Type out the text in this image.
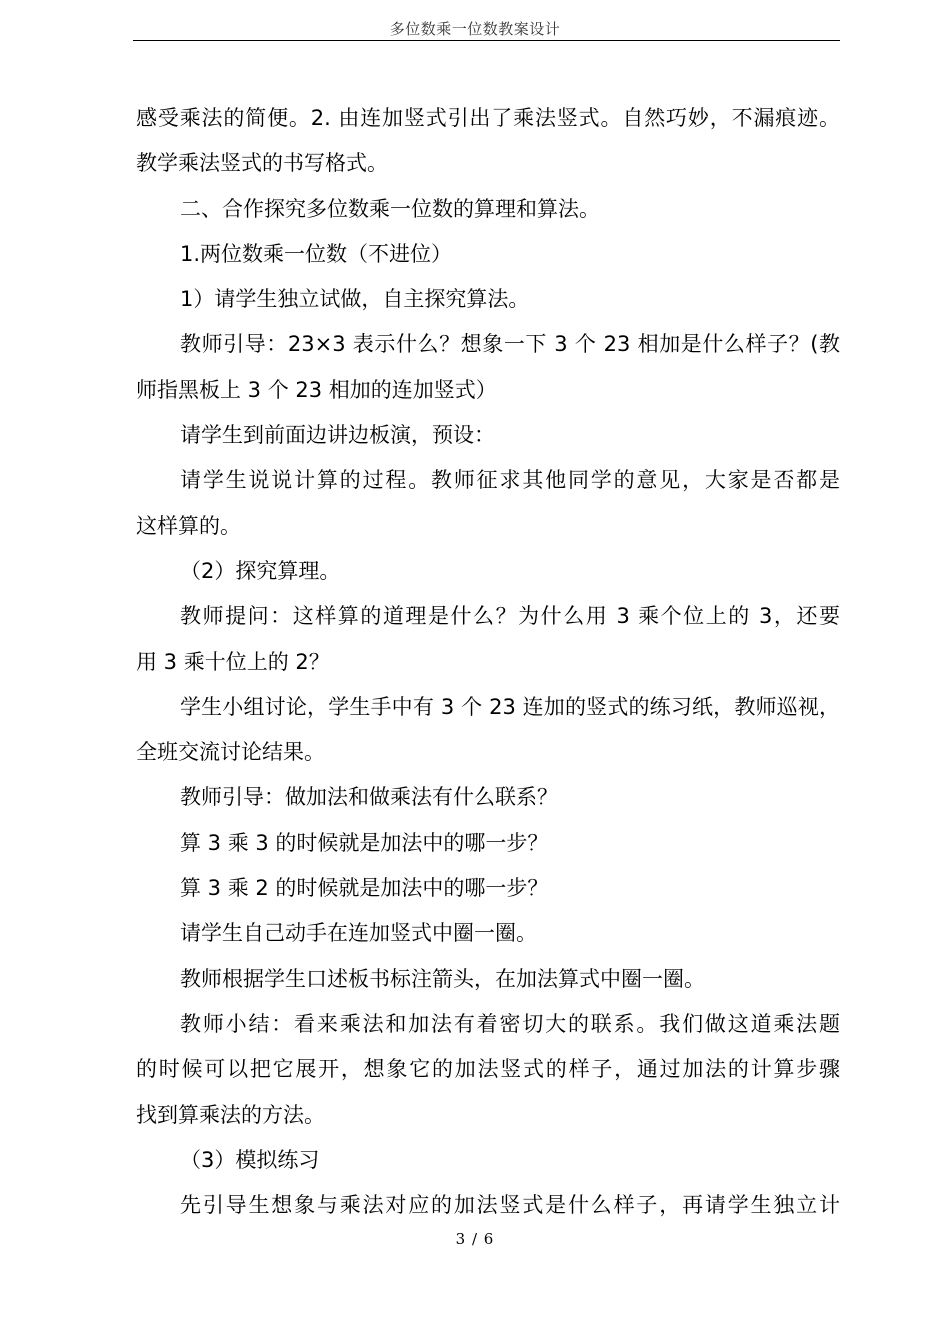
多位数乘一位数教案设计
感受乘法的简便。2. 由连加竖式引出了乘法竖式。自然巧妙，不漏痕迹。
教学乘法竖式的书写格式。
二、合作探究多位数乘一位数的算理和算法。
1.两位数乘一位数（不进位）
1）请学生独立试做，自主探究算法。
教师引导：23×3 表示什么？想象一下 3 个 23 相加是什么样子？(教
师指黑板上 3 个 23 相加的连加竖式）
请学生到前面边讲边板演，预设：
请学生说说计算的过程。教师征求其他同学的意见，大家是否都是
这样算的。
（2）探究算理。
教师提问：这样算的道理是什么？为什么用 3 乘个位上的 3，还要
用 3 乘十位上的 2？
学生小组讨论，学生手中有 3 个 23 连加的竖式的练习纸，教师巡视，
全班交流讨论结果。
教师引导：做加法和做乘法有什么联系？
算 3 乘 3 的时候就是加法中的哪一步？
算 3 乘 2 的时候就是加法中的哪一步？
请学生自己动手在连加竖式中圈一圈。
教师根据学生口述板书标注箭头，在加法算式中圈一圈。
教师小结：看来乘法和加法有着密切大的联系。我们做这道乘法题
的时候可以把它展开，想象它的加法竖式的样子，通过加法的计算步骤
找到算乘法的方法。
（3）模拟练习
先引导生想象与乘法对应的加法竖式是什么样子，再请学生独立计
3 / 6
